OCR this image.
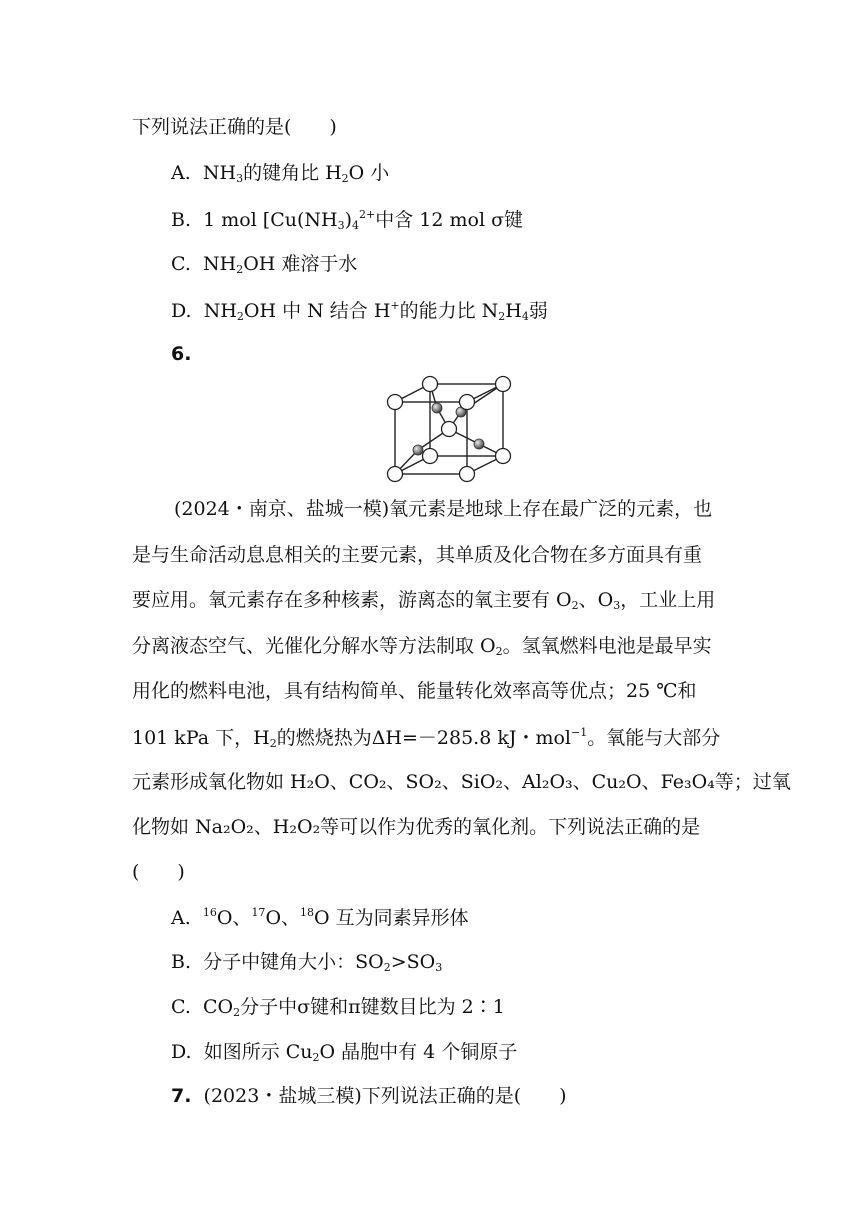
下列说法正确的是(　　)
A. $NH_3$的键角比 $H_2O$ 小
B. 1 mol [$Cu(NH_3)_4^{2+}$中含 12 mol σ键
C. $NH_2OH$ 难溶于水
D. $NH_2OH$ 中 N 结合 H+的能力比 $N_2H_4$弱
6.
(2024・南京、盐城一模)氧元素是地球上存在最广泛的元素，也
是与生命活动息息相关的主要元素，其单质及化合物在多方面具有重
要应用。氧元素存在多种核素，游离态的氧主要有 $O_2$、$O_3$，工业上用
分离液态空气、光催化分解水等方法制取 $O_2$。氢氧燃料电池是最早实
用化的燃料电池，具有结构简单、能量转化效率高等优点；25 ℃和
101 kPa 下，$H_2$的燃烧热为ΔH=－285.8 kJ・mol$^{-1}$。氧能与大部分
元素形成氧化物如 H₂O、CO₂、SO₂、SiO₂、Al₂O₃、Cu₂O、Fe₃O₄等；过氧
化物如 Na₂O₂、H₂O₂等可以作为优秀的氧化剂。下列说法正确的是
(　　)
A. $^{16}$O、$^{17}$O、$^{18}$O 互为同素异形体
B. 分子中键角大小：$SO_2>SO_3$
C. $CO_2$分子中σ键和π键数目比为 2∶1
D. 如图所示 $Cu_2O$ 晶胞中有 4 个铜原子
7. (2023・盐城三模)下列说法正确的是(　　)
